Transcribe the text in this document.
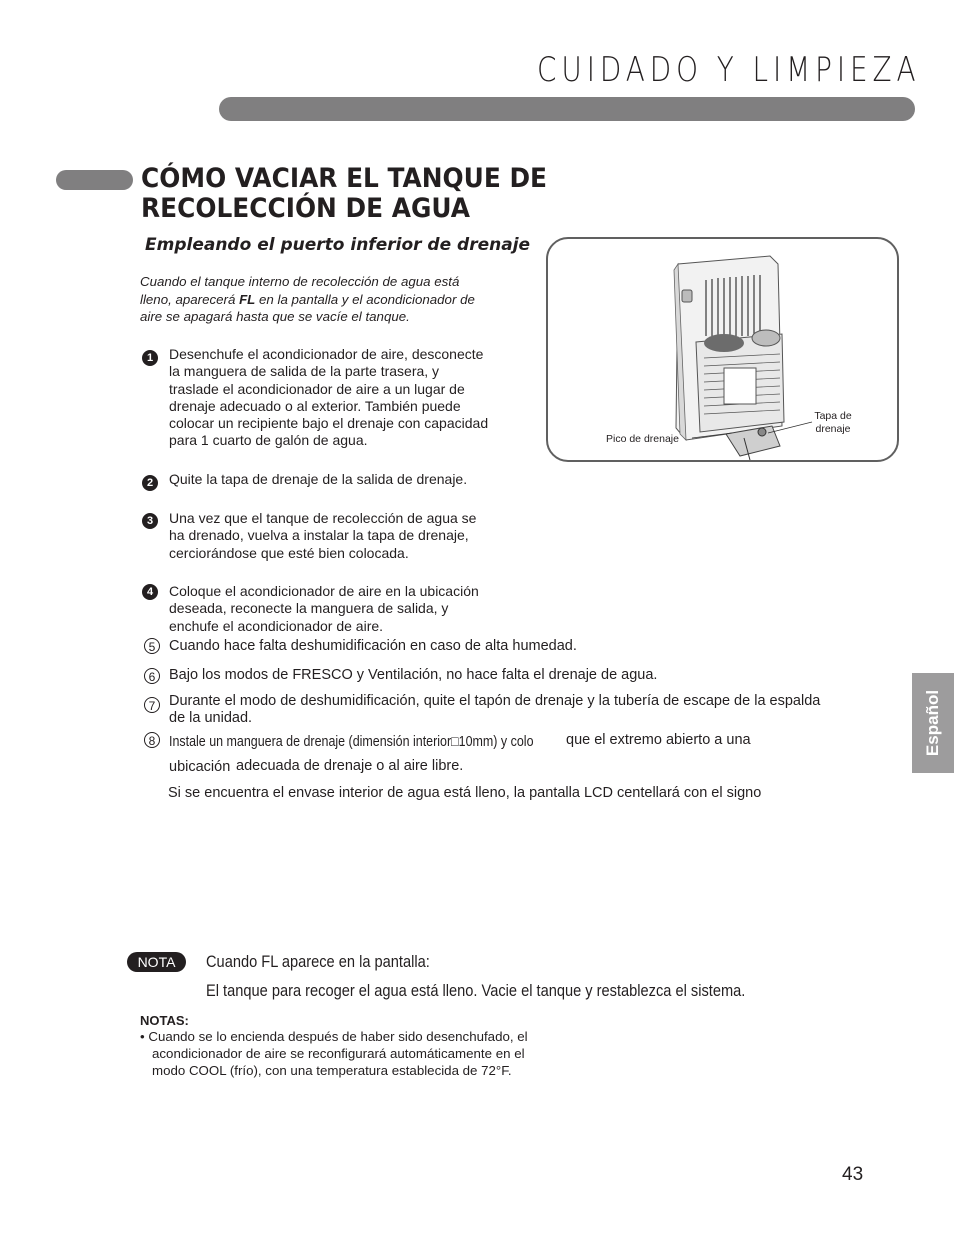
CUIDADO Y LIMPIEZA
CÓMO VACIAR EL TANQUE DE RECOLECCIÓN DE AGUA
Empleando el puerto inferior de drenaje
Cuando el tanque interno de recolección de agua está lleno, aparecerá FL en la pantalla y el acondicionador de aire se apagará hasta que se vacíe el tanque.
1	Desenchufe el acondicionador de aire, desconecte la manguera de salida de la parte trasera, y traslade el acondicionador de aire a un lugar de drenaje adecuado o al exterior. También puede colocar un recipiente bajo el drenaje con capacidad para 1 cuarto de galón de agua.
2	Quite la tapa de drenaje de la salida de drenaje.
3	Una vez que el tanque de recolección de agua se ha drenado, vuelva a instalar la tapa de drenaje, cerciorándose que esté bien colocada.
4	Coloque el acondicionador de aire en la ubicación deseada, reconecte la manguera de salida, y enchufe el acondicionador de aire.
5 Cuando hace falta deshumidificación en caso de alta humedad.
6 Bajo los modos de FRESCO y Ventilación, no hace falta el drenaje de agua.
7 Durante el modo de deshumidificación, quite el tapón de drenaje y la tubería de escape de la espalda de la unidad.
8 Instale un manguera de drenaje (dimensión interior□10mm) y colo que el extremo abierto a una
ubicación adecuada de drenaje o al aire libre.
Si se encuentra el envase interior de agua está lleno, la pantalla LCD centellará con el signo
Pico de drenaje
Tapa de drenaje
Español
NOTA	Cuando FL aparece en la pantalla:
El tanque para recoger el agua está lleno. Vacie el tanque y restablezca el sistema.
NOTAS:
• Cuando se lo encienda después de haber sido desenchufado, el acondicionador de aire se reconfigurará automáticamente en el modo COOL (frío), con una temperatura establecida de 72°F.
43
